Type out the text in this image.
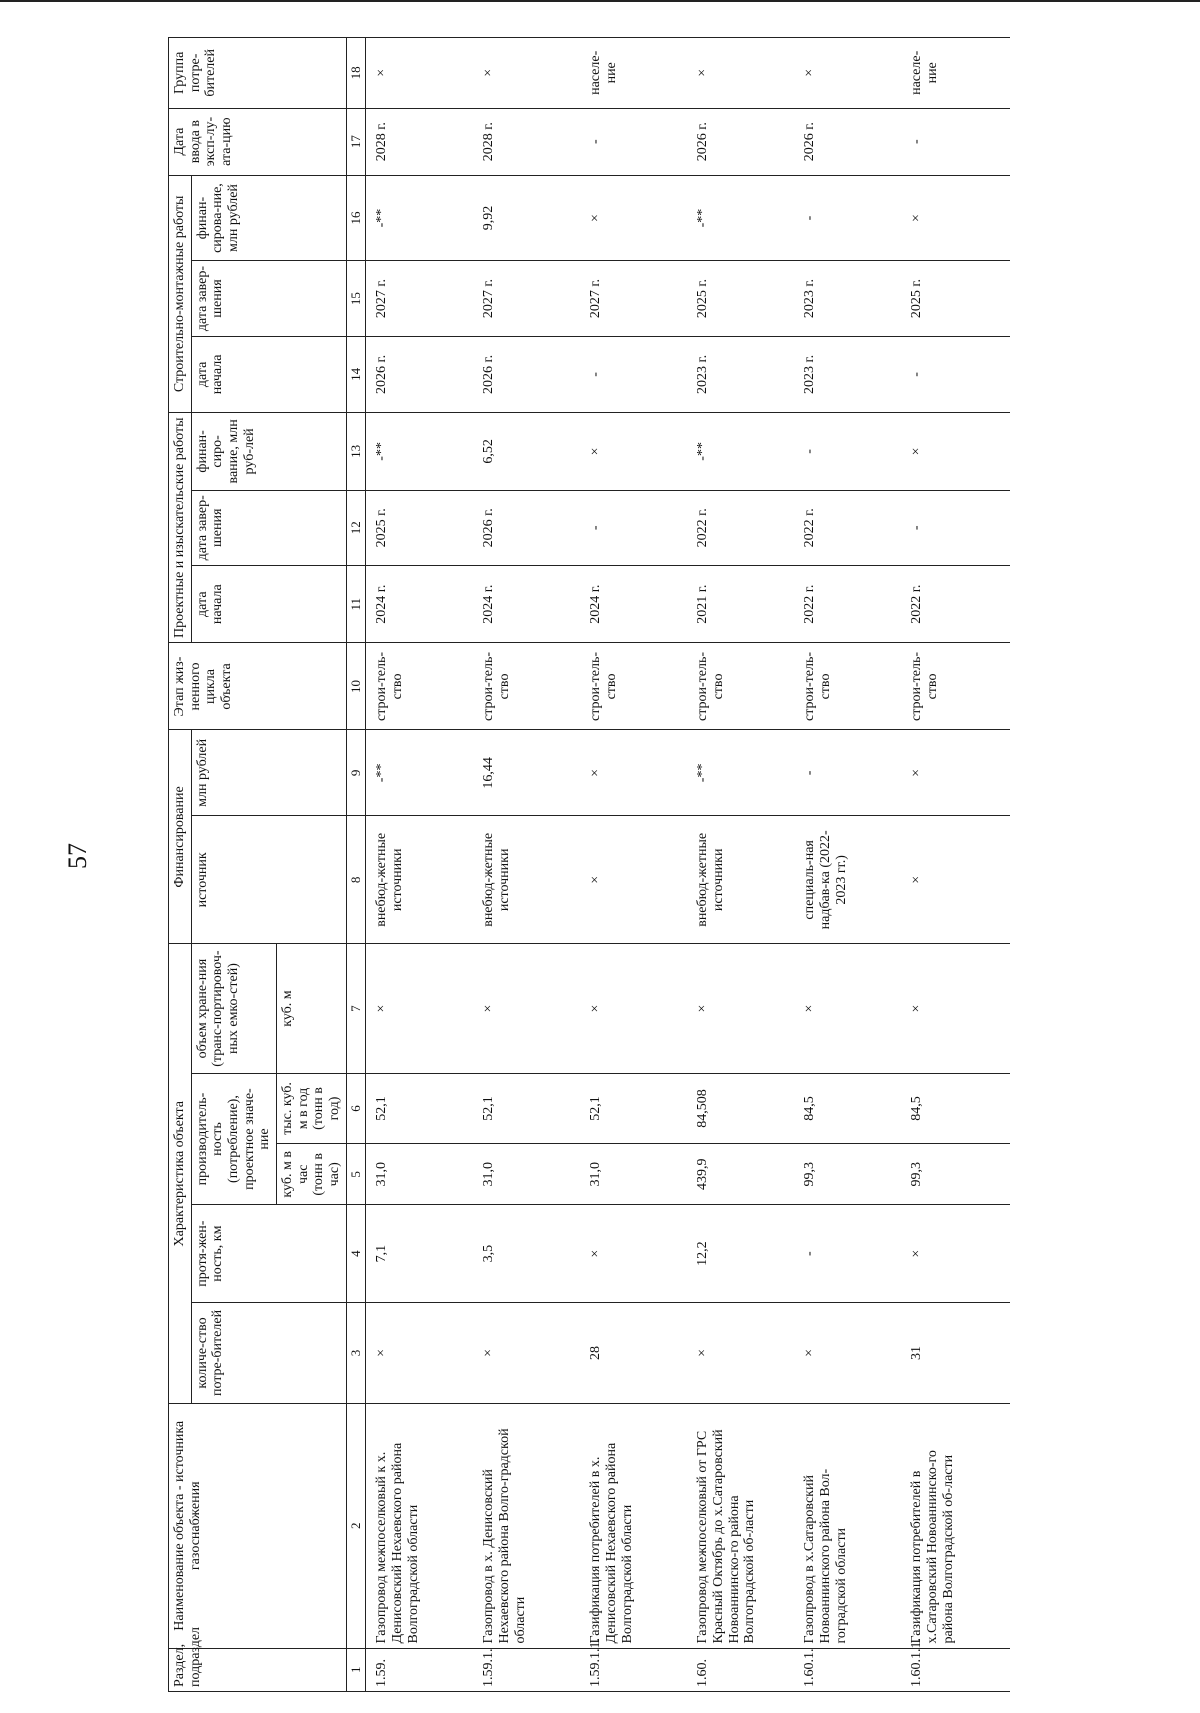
57
Раздел, подраздел	Наименование объекта - источника газоснабжения	Характеристика объекта					Финансирование		Этап жиз-ненного цикла объекта	Проектные и изыскательские работы			Строительно-монтажные работы			Дата ввода в эксп-лу-ата-цию	Группа потре-бителей
		количе-ство потре-бителей	протя-жен-ность, км	производитель-ность (потребление), проектное значе-ние		объем хране-ния (транс-портировоч-ных емко-стей)	источник	млн рублей		дата начала	дата завер-шения	финан-сиро-вание, млн руб-лей	дата начала	дата завер-шения	финан-сирова-ние, млн рублей		
				куб. м в час (тонн в час)	тыс. куб. м в год (тонн в год)	куб. м											
1	2	3	4	5	6	7	8	9	10	11	12	13	14	15	16	17	18
1.59.	Газопровод межпоселковый к х. Денисовский Нехаевского района Волгоградской области	×	7,1	31,0	52,1	×	внебюд-жетные источники	-**	строи-тель-ство	2024 г.	2025 г.	-**	2026 г.	2027 г.	-**	2028 г.	×
1.59.1.	Газопровод в х. Денисовский Нехаевского района Волго-градской области	×	3,5	31,0	52,1	×	внебюд-жетные источники	16,44	строи-тель-ство	2024 г.	2026 г.	6,52	2026 г.	2027 г.	9,92	2028 г.	×
1.59.1.1.	Газификация потребителей в х. Денисовский Нехаевского района Волгоградской области	28	×	31,0	52,1	×	×	×	строи-тель-ство	2024 г.	-	×	-	2027 г.	×	-	населе-ние
1.60.	Газопровод межпоселковый от ГРС Красный Октябрь до х.Сатаровский Новоаннинско-го района Волгоградской об-ласти	×	12,2	439,9	84,508	×	внебюд-жетные источники	-**	строи-тель-ство	2021 г.	2022 г.	-**	2023 г.	2025 г.	-**	2026 г.	×
1.60.1.	Газопровод в х.Сатаровский Новоаннинского района Вол-гоградской области	×	-	99,3	84,5	×	специаль-ная надбав-ка (2022-2023 гг.)	-	строи-тель-ство	2022 г.	2022 г.	-	2023 г.	2023 г.	-	2026 г.	×
1.60.1.1.	Газификация потребителей в х.Сатаровский Новоаннинско-го района Волгоградской об-ласти	31	×	99,3	84,5	×	×	×	строи-тель-ство	2022 г.	-	×	-	2025 г.	×	-	населе-ние
